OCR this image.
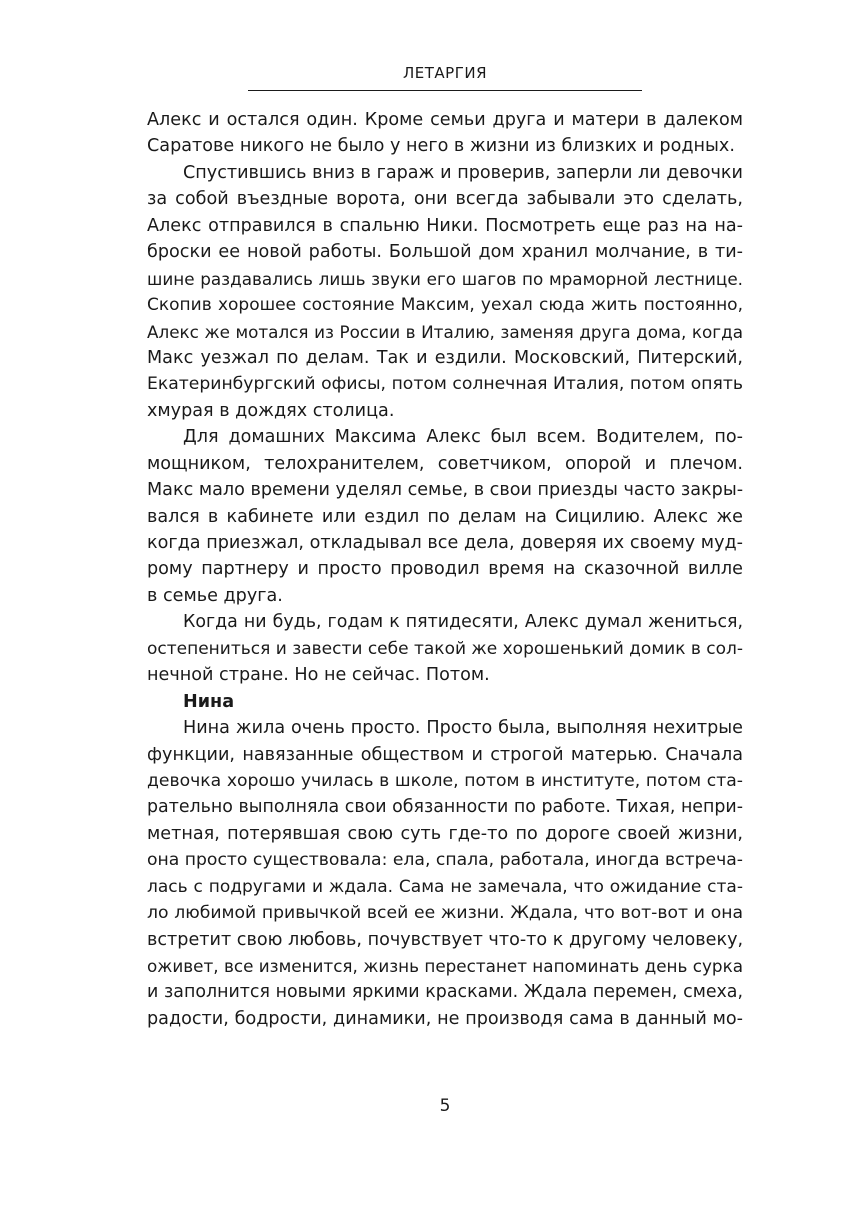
ЛЕТАРГИЯ
Алекс и остался один. Кроме семьи друга и матери в далеком
Саратове никого не было у него в жизни из близких и родных.
Спустившись вниз в гараж и проверив, заперли ли девочки
за собой въездные ворота, они всегда забывали это сделать,
Алекс отправился в спальню Ники. Посмотреть еще раз на на-
броски ее новой работы. Большой дом хранил молчание, в ти-
шине раздавались лишь звуки его шагов по мраморной лестнице.
Скопив хорошее состояние Максим, уехал сюда жить постоянно,
Алекс же мотался из России в Италию, заменяя друга дома, когда
Макс уезжал по делам. Так и ездили. Московский, Питерский,
Екатеринбургский офисы, потом солнечная Италия, потом опять
хмурая в дождях столица.
Для домашних Максима Алекс был всем. Водителем, по-
мощником, телохранителем, советчиком, опорой и плечом.
Макс мало времени уделял семье, в свои приезды часто закры-
вался в кабинете или ездил по делам на Сицилию. Алекс же
когда приезжал, откладывал все дела, доверяя их своему муд-
рому партнеру и просто проводил время на сказочной вилле
в семье друга.
Когда ни будь, годам к пятидесяти, Алекс думал жениться,
остепениться и завести себе такой же хорошенький домик в сол-
нечной стране. Но не сейчас. Потом.
Нина
Нина жила очень просто. Просто была, выполняя нехитрые
функции, навязанные обществом и строгой матерью. Сначала
девочка хорошо училась в школе, потом в институте, потом ста-
рательно выполняла свои обязанности по работе. Тихая, непри-
метная, потерявшая свою суть где-то по дороге своей жизни,
она просто существовала: ела, спала, работала, иногда встреча-
лась с подругами и ждала. Сама не замечала, что ожидание ста-
ло любимой привычкой всей ее жизни. Ждала, что вот-вот и она
встретит свою любовь, почувствует что-то к другому человеку,
оживет, все изменится, жизнь перестанет напоминать день сурка
и заполнится новыми яркими красками. Ждала перемен, смеха,
радости, бодрости, динамики, не производя сама в данный мо-
5
